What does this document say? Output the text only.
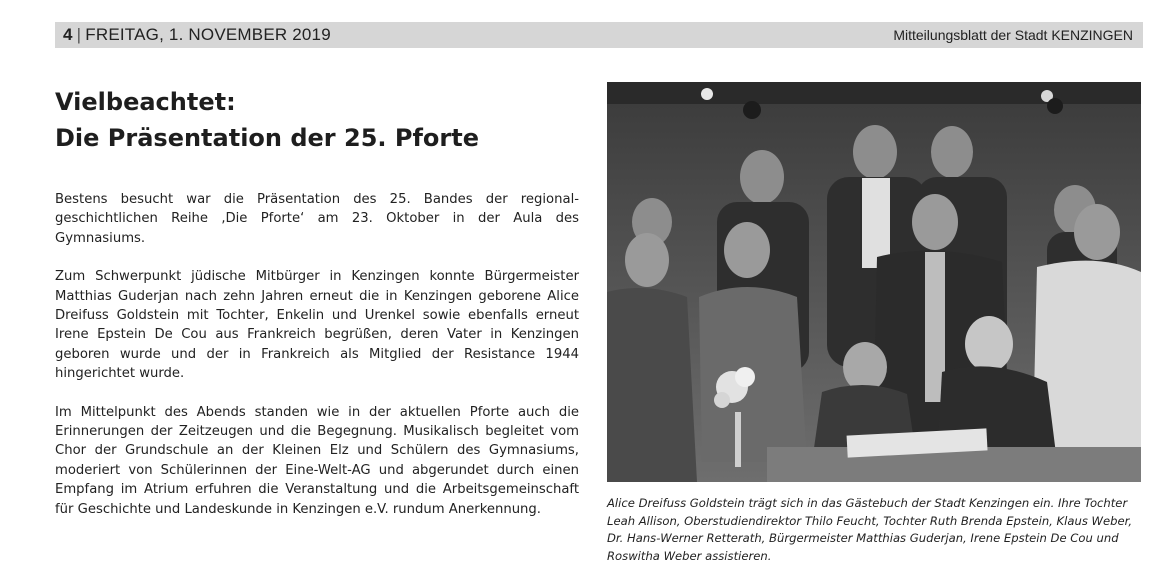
4 | FREITAG, 1. NOVEMBER 2019	Mitteilungsblatt der Stadt KENZINGEN
Vielbeachtet:
Die Präsentation der 25. Pforte

Bestens besucht war die Präsentation des 25. Bandes der regional-geschichtlichen Reihe ‚Die Pforte‘ am 23. Oktober in der Aula des Gymnasiums.

Zum Schwerpunkt jüdische Mitbürger in Kenzingen konnte Bürgermeister Matthias Guderjan nach zehn Jahren erneut die in Kenzingen geborene Alice Dreifuss Goldstein mit Tochter, Enkelin und Urenkel sowie ebenfalls erneut Irene Epstein De Cou aus Frankreich begrüßen, deren Vater in Kenzingen geboren wurde und der in Frankreich als Mitglied der Resistance 1944 hingerichtet wurde.

Im Mittelpunkt des Abends standen wie in der aktuellen Pforte auch die Erinnerungen der Zeitzeugen und die Begegnung. Musikalisch begleitet vom Chor der Grundschule an der Kleinen Elz und Schülern des Gymnasiums, moderiert von Schülerinnen der Eine-Welt-AG und abgerundet durch einen Empfang im Atrium erfuhren die Veranstaltung und die Arbeitsgemeinschaft für Geschichte und Landeskunde in Kenzingen e.V. rundum Anerkennung.	Alice Dreifuss Goldstein trägt sich in das Gästebuch der Stadt Kenzingen ein. Ihre Tochter Leah Allison, Oberstudiendirektor Thilo Feucht, Tochter Ruth Brenda Epstein, Klaus Weber, Dr. Hans-Werner Retterath, Bürgermeister Matthias Guderjan, Irene Epstein De Cou und Roswitha Weber assistieren.
